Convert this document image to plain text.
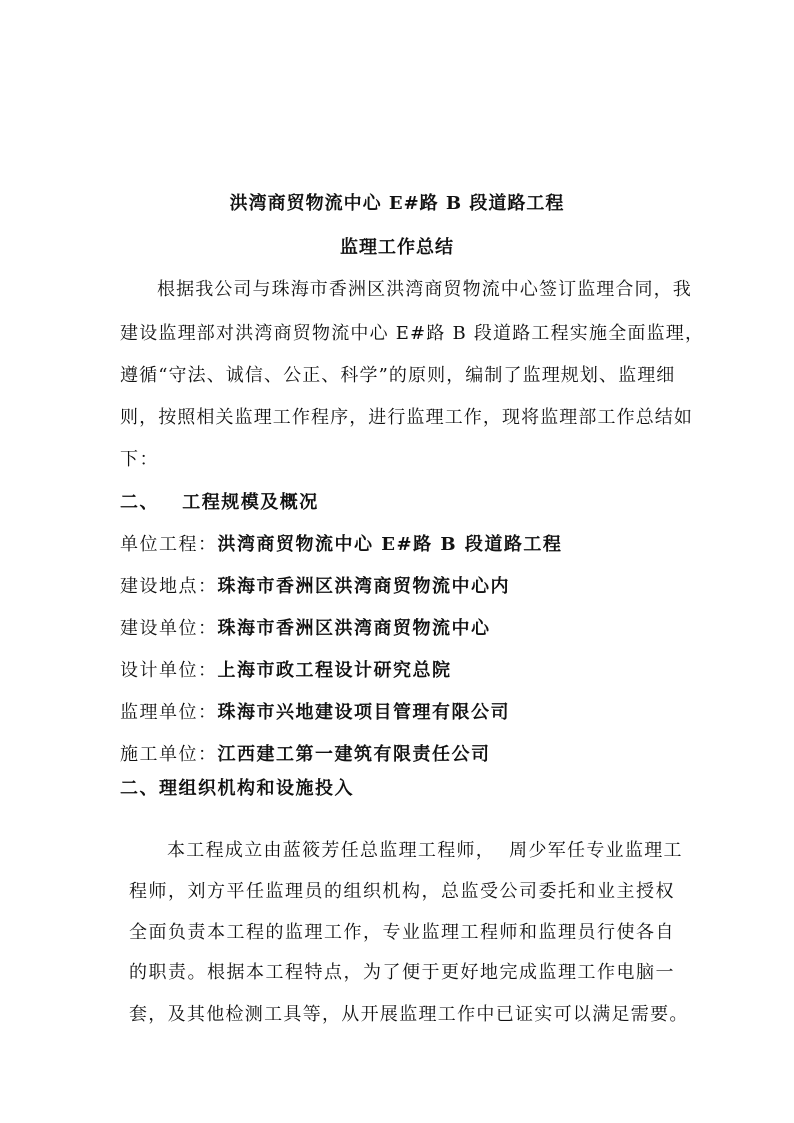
洪湾商贸物流中心 E#路 B 段道路工程
监理工作总结
根据我公司与珠海市香洲区洪湾商贸物流中心签订监理合同，我
建设监理部对洪湾商贸物流中心 E#路 B 段道路工程实施全面监理，
遵循“守法、诚信、公正、科学”的原则，编制了监理规划、监理细
则，按照相关监理工作程序，进行监理工作，现将监理部工作总结如
下：
二、   工程规模及概况
单位工程：洪湾商贸物流中心 E#路 B 段道路工程
建设地点：珠海市香洲区洪湾商贸物流中心内
建设单位：珠海市香洲区洪湾商贸物流中心
设计单位：上海市政工程设计研究总院
监理单位：珠海市兴地建设项目管理有限公司
施工单位：江西建工第一建筑有限责任公司
二、理组织机构和设施投入
本工程成立由蓝筱芳任总监理工程师，  周少军任专业监理工
程师，刘方平任监理员的组织机构，总监受公司委托和业主授权
全面负责本工程的监理工作，专业监理工程师和监理员行使各自
的职责。根据本工程特点，为了便于更好地完成监理工作电脑一
套，及其他检测工具等，从开展监理工作中已证实可以满足需要。
